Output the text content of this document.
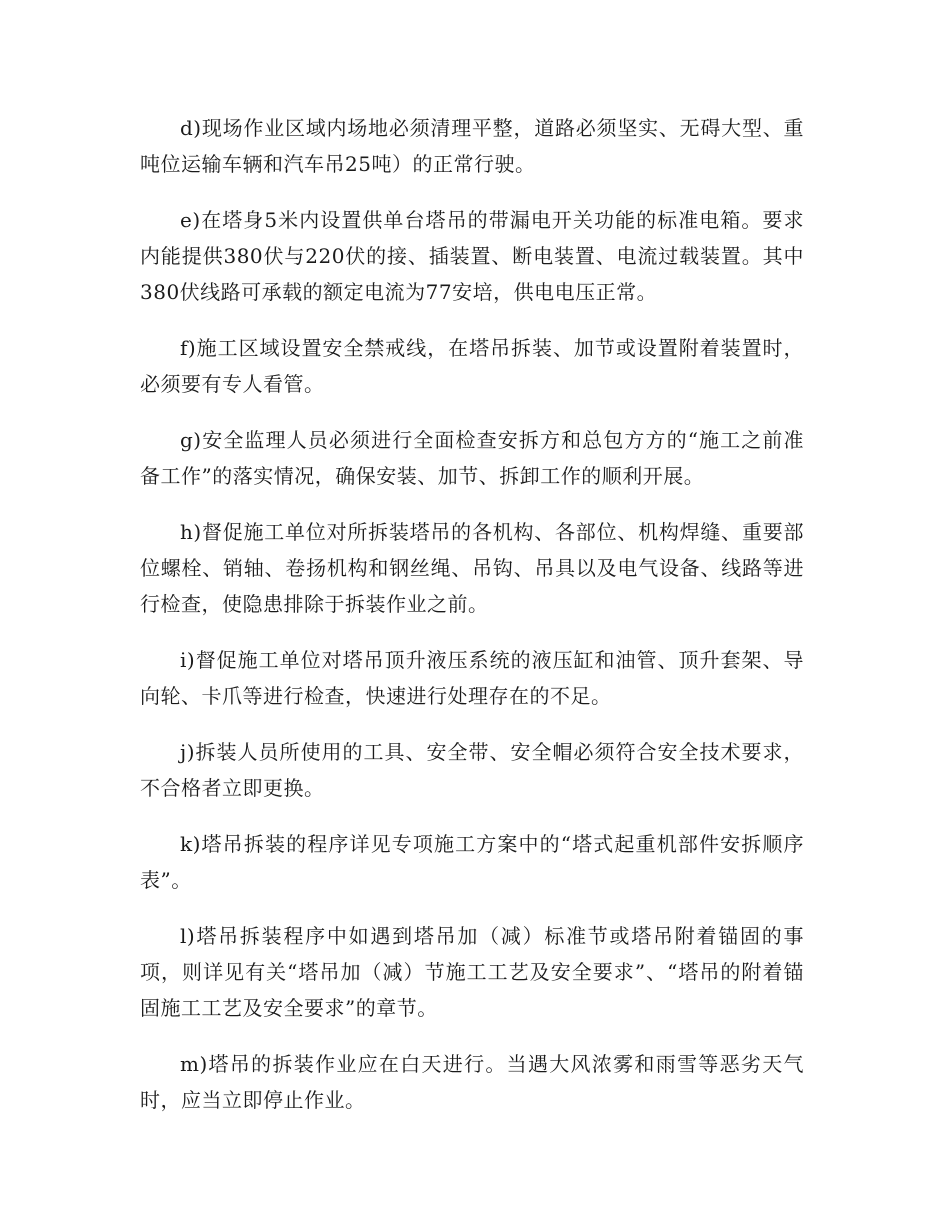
d)现场作业区域内场地必须清理平整，道路必须坚实、无碍大型、重吨位运输车辆和汽车吊25吨）的正常行驶。

e)在塔身5米内设置供单台塔吊的带漏电开关功能的标准电箱。要求内能提供380伏与220伏的接、插装置、断电装置、电流过载装置。其中380伏线路可承载的额定电流为77安培，供电电压正常。

f)施工区域设置安全禁戒线，在塔吊拆装、加节或设置附着装置时，必须要有专人看管。

g)安全监理人员必须进行全面检查安拆方和总包方方的“施工之前准备工作”的落实情况，确保安装、加节、拆卸工作的顺利开展。

h)督促施工单位对所拆装塔吊的各机构、各部位、机构焊缝、重要部位螺栓、销轴、卷扬机构和钢丝绳、吊钩、吊具以及电气设备、线路等进行检查，使隐患排除于拆装作业之前。

i)督促施工单位对塔吊顶升液压系统的液压缸和油管、顶升套架、导向轮、卡爪等进行检查，快速进行处理存在的不足。

j)拆装人员所使用的工具、安全带、安全帽必须符合安全技术要求，不合格者立即更换。

k)塔吊拆装的程序详见专项施工方案中的“塔式起重机部件安拆顺序表”。

l)塔吊拆装程序中如遇到塔吊加（减）标准节或塔吊附着锚固的事项，则详见有关“塔吊加（减）节施工工艺及安全要求”、“塔吊的附着锚固施工工艺及安全要求”的章节。

m)塔吊的拆装作业应在白天进行。当遇大风浓雾和雨雪等恶劣天气时，应当立即停止作业。
